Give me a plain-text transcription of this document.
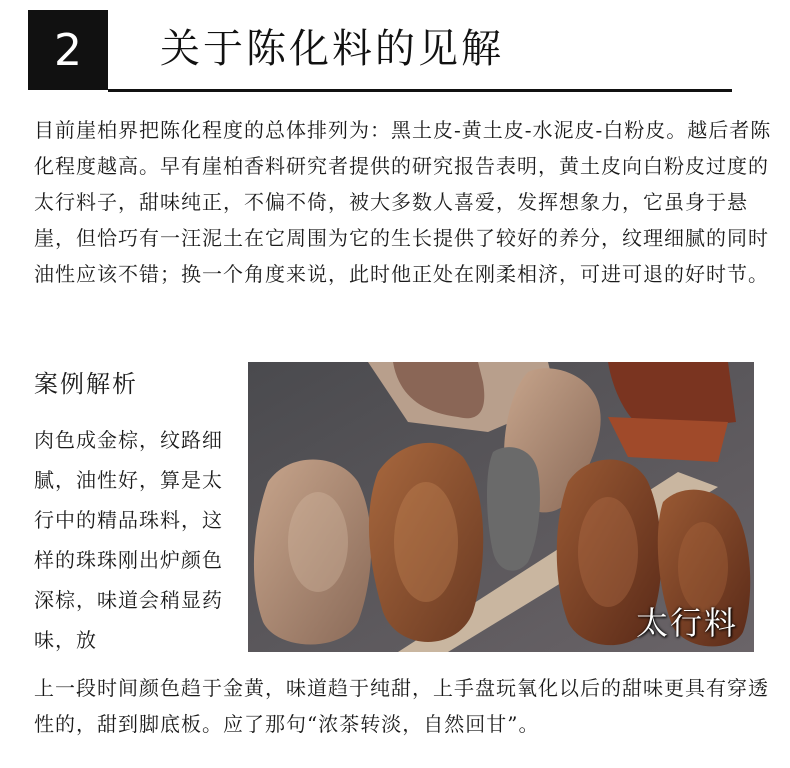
2 关于陈化料的见解

目前崖柏界把陈化程度的总体排列为：黑土皮-黄土皮-水泥皮-白粉皮。越后者陈化程度越高。早有崖柏香料研究者提供的研究报告表明，黄土皮向白粉皮过度的太行料子，甜味纯正，不偏不倚，被大多数人喜爱，发挥想象力，它虽身于悬崖，但恰巧有一汪泥土在它周围为它的生长提供了较好的养分，纹理细腻的同时油性应该不错；换一个角度来说，此时他正处在刚柔相济，可进可退的好时节。

案例解析

肉色成金棕，纹路细腻，油性好，算是太行中的精品珠料，这样的珠珠刚出炉颜色深棕，味道会稍显药味，放	太行料

上一段时间颜色趋于金黄，味道趋于纯甜，上手盘玩氧化以后的甜味更具有穿透性的，甜到脚底板。应了那句“浓茶转淡，自然回甘”。
